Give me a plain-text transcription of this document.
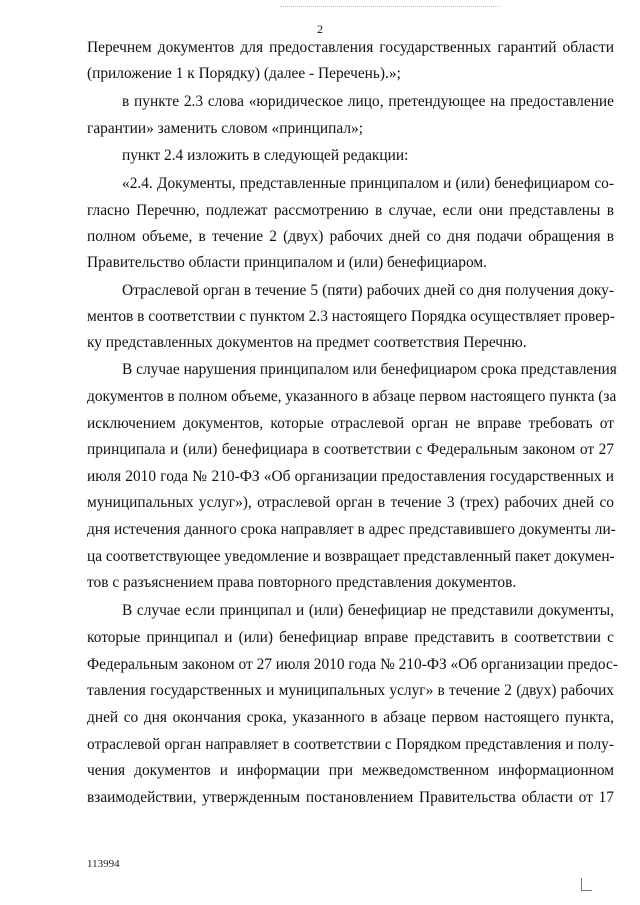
2
Перечнем документов для предоставления государственных гарантий области
(приложение 1 к Порядку) (далее - Перечень).»;
в пункте 2.3 слова «юридическое лицо, претендующее на предоставление
гарантии» заменить словом «принципал»;
пункт 2.4 изложить в следующей редакции:
«2.4. Документы, представленные принципалом и (или) бенефициаром со-
гласно Перечню, подлежат рассмотрению в случае, если они представлены в
полном объеме, в течение 2 (двух) рабочих дней со дня подачи обращения в
Правительство области принципалом и (или) бенефициаром.
Отраслевой орган в течение 5 (пяти) рабочих дней со дня получения доку-
ментов в соответствии с пунктом 2.3 настоящего Порядка осуществляет провер-
ку представленных документов на предмет соответствия Перечню.
В случае нарушения принципалом или бенефициаром срока представления
документов в полном объеме, указанного в абзаце первом настоящего пункта (за
исключением документов, которые отраслевой орган не вправе требовать от
принципала и (или) бенефициара в соответствии с Федеральным законом от 27
июля 2010 года № 210-ФЗ «Об организации предоставления государственных и
муниципальных услуг»), отраслевой орган в течение 3 (трех) рабочих дней со
дня истечения данного срока направляет в адрес представившего документы ли-
ца соответствующее уведомление и возвращает представленный пакет докумен-
тов с разъяснением права повторного представления документов.
В случае если принципал и (или) бенефициар не представили документы,
которые принципал и (или) бенефициар вправе представить в соответствии с
Федеральным законом от 27 июля 2010 года № 210-ФЗ «Об организации предос-
тавления государственных и муниципальных услуг» в течение 2 (двух) рабочих
дней со дня окончания срока, указанного в абзаце первом настоящего пункта,
отраслевой орган направляет в соответствии с Порядком представления и полу-
чения документов и информации при межведомственном информационном
взаимодействии, утвержденным постановлением Правительства области от 17
113994
